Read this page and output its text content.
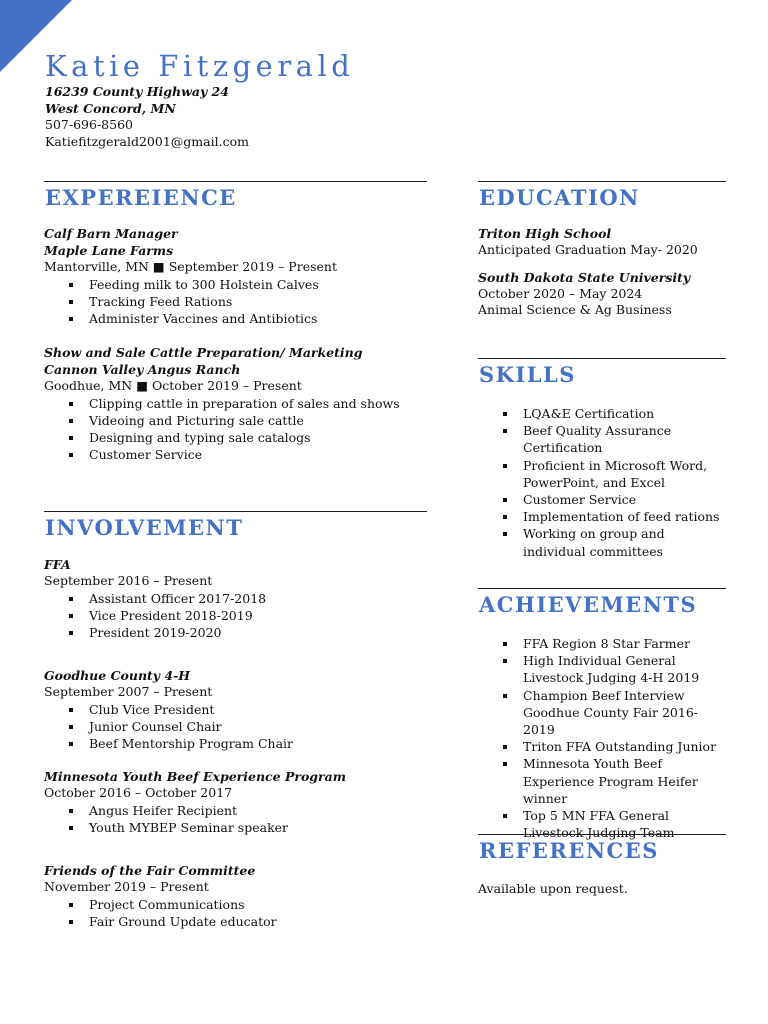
Katie Fitzgerald
16239 County Highway 24
West Concord, MN
507-696-8560
Katiefitzgerald2001@gmail.com
EXPEREIENCE
Calf Barn Manager
Maple Lane Farms
Mantorville, MN ■ September 2019 – Present
Feeding milk to 300 Holstein Calves
Tracking Feed Rations
Administer Vaccines and Antibiotics
Show and Sale Cattle Preparation/ Marketing
Cannon Valley Angus Ranch
Goodhue, MN ■ October 2019 – Present
Clipping cattle in preparation of sales and shows
Videoing and Picturing sale cattle
Designing and typing sale catalogs
Customer Service
INVOLVEMENT
FFA
September 2016 – Present
Assistant Officer 2017-2018
Vice President 2018-2019
President 2019-2020
Goodhue County 4-H
September 2007 – Present
Club Vice President
Junior Counsel Chair
Beef Mentorship Program Chair
Minnesota Youth Beef Experience Program
October 2016 – October 2017
Angus Heifer Recipient
Youth MYBEP Seminar speaker
Friends of the Fair Committee
November 2019 – Present
Project Communications
Fair Ground Update educator
EDUCATION
Triton High School
Anticipated Graduation May- 2020
South Dakota State University
October 2020 – May 2024
Animal Science & Ag Business
SKILLS
LQA&E Certification
Beef Quality Assurance Certification
Proficient in Microsoft Word, PowerPoint, and Excel
Customer Service
Implementation of feed rations
Working on group and individual committees
ACHIEVEMENTS
FFA Region 8 Star Farmer
High Individual General Livestock Judging 4-H 2019
Champion Beef Interview Goodhue County Fair 2016-2019
Triton FFA Outstanding Junior
Minnesota Youth Beef Experience Program Heifer winner
Top 5 MN FFA General Livestock Judging Team
REFERENCES
Available upon request.
